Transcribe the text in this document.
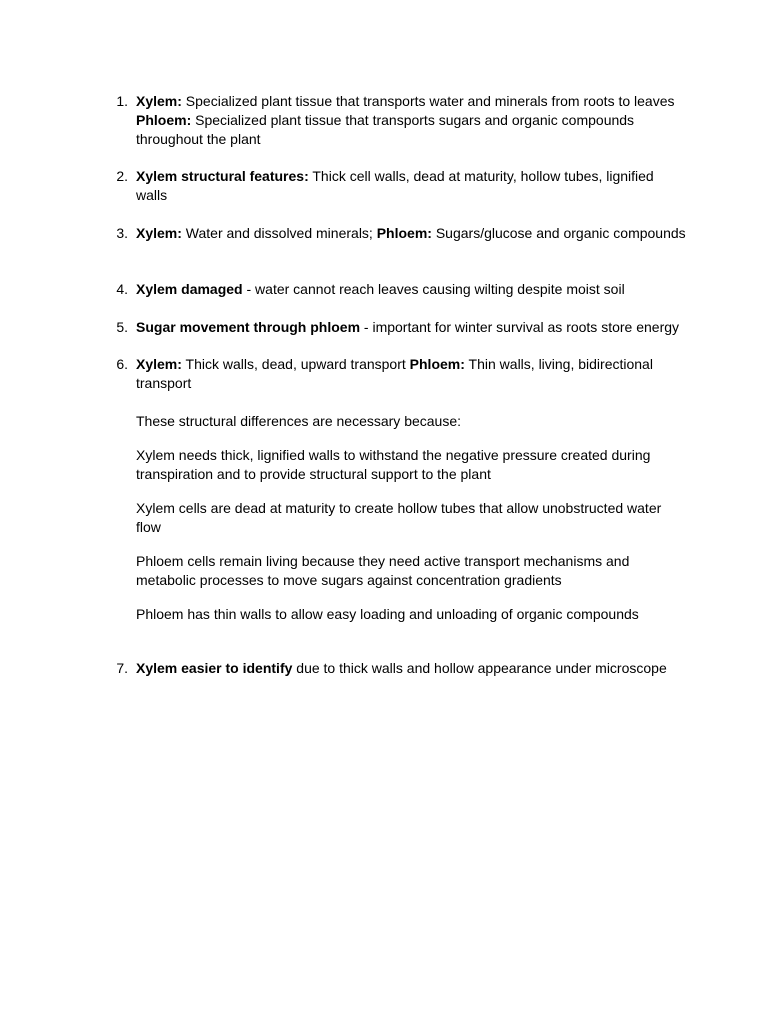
1. Xylem: Specialized plant tissue that transports water and minerals from roots to leaves
Phloem: Specialized plant tissue that transports sugars and organic compounds throughout the plant
2. Xylem structural features: Thick cell walls, dead at maturity, hollow tubes, lignified walls
3. Xylem: Water and dissolved minerals; Phloem: Sugars/glucose and organic compounds
4. Xylem damaged - water cannot reach leaves causing wilting despite moist soil
5. Sugar movement through phloem - important for winter survival as roots store energy
6. Xylem: Thick walls, dead, upward transport Phloem: Thin walls, living, bidirectional transport
These structural differences are necessary because:
Xylem needs thick, lignified walls to withstand the negative pressure created during transpiration and to provide structural support to the plant
Xylem cells are dead at maturity to create hollow tubes that allow unobstructed water flow
Phloem cells remain living because they need active transport mechanisms and metabolic processes to move sugars against concentration gradients
Phloem has thin walls to allow easy loading and unloading of organic compounds
7. Xylem easier to identify due to thick walls and hollow appearance under microscope
